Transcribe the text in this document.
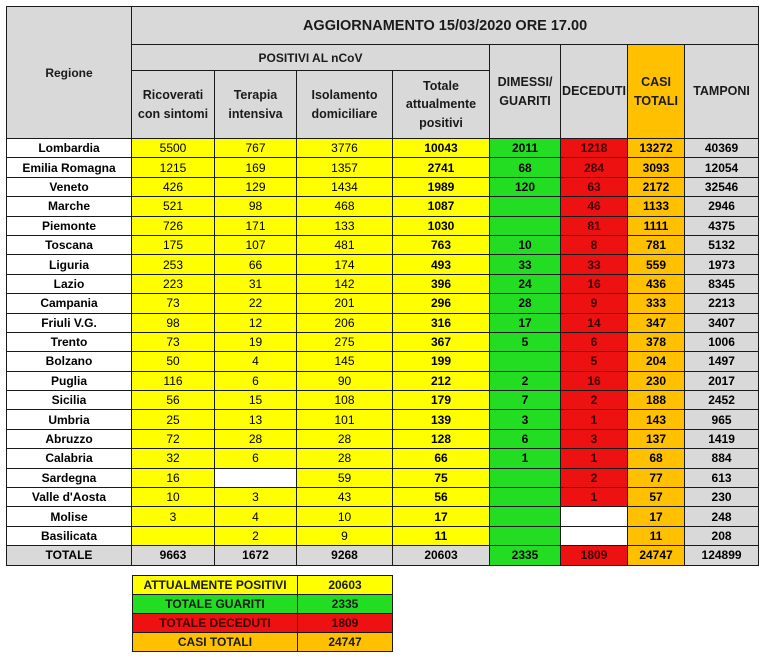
Regione	AGGIORNAMENTO 15/03/2020 ORE 17.00							
	POSITIVI AL nCoV				DIMESSI/ GUARITI	DECEDUTI	CASI TOTALI	TAMPONI
	Ricoverati con sintomi	Terapia intensiva	Isolamento domiciliare	Totale attualmente positivi				
Lombardia	5500	767	3776	10043	2011	1218	13272	40369
Emilia Romagna	1215	169	1357	2741	68	284	3093	12054
Veneto	426	129	1434	1989	120	63	2172	32546
Marche	521	98	468	1087		46	1133	2946
Piemonte	726	171	133	1030		81	1111	4375
Toscana	175	107	481	763	10	8	781	5132
Liguria	253	66	174	493	33	33	559	1973
Lazio	223	31	142	396	24	16	436	8345
Campania	73	22	201	296	28	9	333	2213
Friuli V.G.	98	12	206	316	17	14	347	3407
Trento	73	19	275	367	5	6	378	1006
Bolzano	50	4	145	199		5	204	1497
Puglia	116	6	90	212	2	16	230	2017
Sicilia	56	15	108	179	7	2	188	2452
Umbria	25	13	101	139	3	1	143	965
Abruzzo	72	28	28	128	6	3	137	1419
Calabria	32	6	28	66	1	1	68	884
Sardegna	16		59	75		2	77	613
Valle d'Aosta	10	3	43	56		1	57	230
Molise	3	4	10	17			17	248
Basilicata		2	9	11			11	208
TOTALE	9663	1672	9268	20603	2335	1809	24747	124899
ATTUALMENTE POSITIVI	20603
TOTALE GUARITI	2335
TOTALE DECEDUTI	1809
CASI TOTALI	24747
